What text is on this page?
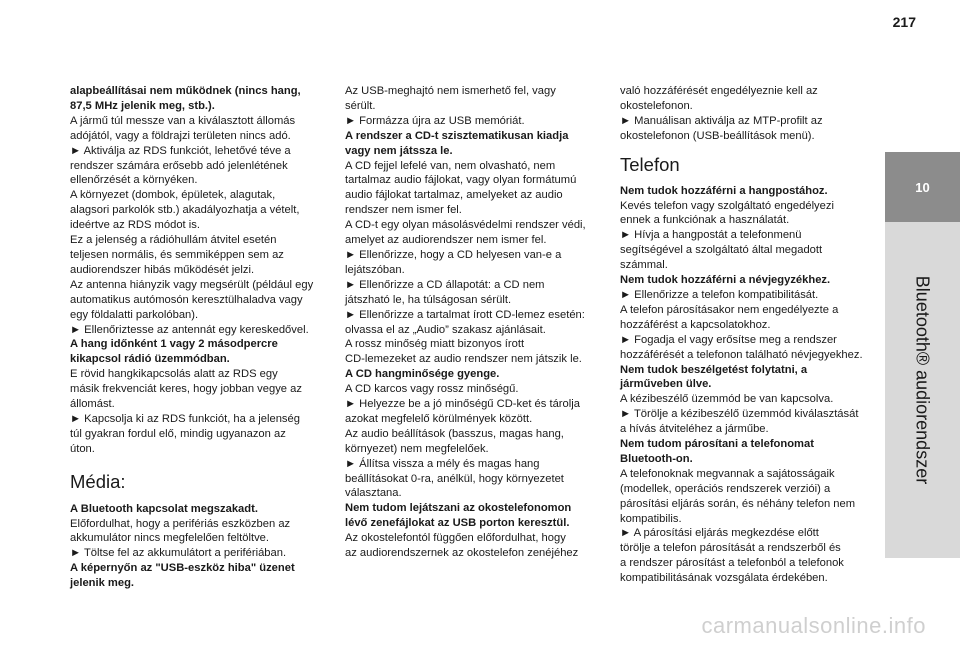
217
10
Bluetooth® audiorendszer

alapbeállításai nem működnek (nincs hang,

87,5 MHz jelenik meg, stb.).

A jármű túl messze van a kiválasztott állomás

adójától, vagy a földrajzi területen nincs adó.

► Aktiválja az RDS funkciót, lehetővé téve a

rendszer számára erősebb adó jelenlétének

ellenőrzését a környéken.

A környezet (dombok, épületek, alagutak,

alagsori parkolók stb.) akadályozhatja a vételt,

ideértve az RDS módot is.

Ez a jelenség a rádióhullám átvitel esetén

teljesen normális, és semmiképpen sem az

audiorendszer hibás működését jelzi.

Az antenna hiányzik vagy megsérült (például egy

automatikus autómosón keresztülhaladva vagy

egy földalatti parkolóban).

► Ellenőriztesse az antennát egy kereskedővel.

A hang időnként 1 vagy 2 másodpercre

kikapcsol rádió üzemmódban.

E rövid hangkikapcsolás alatt az RDS egy

másik frekvenciát keres, hogy jobban vegye az

állomást.

► Kapcsolja ki az RDS funkciót, ha a jelenség

túl gyakran fordul elő, mindig ugyanazon az

úton.

Média:

A Bluetooth kapcsolat megszakadt.

Előfordulhat, hogy a perifériás eszközben az

akkumulátor nincs megfelelően feltöltve.

► Töltse fel az akkumulátort a perifériában.

A képernyőn az "USB-eszköz hiba" üzenet

jelenik meg.

Az USB-meghajtó nem ismerhető fel, vagy

sérült.

► Formázza újra az USB memóriát.

A rendszer a CD-t szisztematikusan kiadja

vagy nem játssza le.

A CD fejjel lefelé van, nem olvasható, nem

tartalmaz audio fájlokat, vagy olyan formátumú

audio fájlokat tartalmaz, amelyeket az audio

rendszer nem ismer fel.

A CD-t egy olyan másolásvédelmi rendszer védi,

amelyet az audiorendszer nem ismer fel.

► Ellenőrizze, hogy a CD helyesen van-e a

lejátszóban.

► Ellenőrizze a CD állapotát: a CD nem

játszható le, ha túlságosan sérült.

► Ellenőrizze a tartalmat írott CD-lemez esetén:

olvassa el az „Audio” szakasz ajánlásait.

A rossz minőség miatt bizonyos írott

CD-lemezeket az audio rendszer nem játszik le.

A CD hangminősége gyenge.

A CD karcos vagy rossz minőségű.

► Helyezze be a jó minőségű CD-ket és tárolja

azokat megfelelő körülmények között.

Az audio beállítások (basszus, magas hang,

környezet) nem megfelelőek.

► Állítsa vissza a mély és magas hang

beállításokat 0-ra, anélkül, hogy környezetet

választana.

Nem tudom lejátszani az okostelefonomon

lévő zenefájlokat az USB porton keresztül.

Az okostelefontól függően előfordulhat, hogy

az audiorendszernek az okostelefon zenéjéhez

való hozzáférését engedélyeznie kell az

okostelefonon.

► Manuálisan aktiválja az MTP-profilt az

okostelefonon (USB-beállítások menü).

Telefon

Nem tudok hozzáférni a hangpostához.

Kevés telefon vagy szolgáltató engedélyezi

ennek a funkciónak a használatát.

► Hívja a hangpostát a telefonmenü

segítségével a szolgáltató által megadott

számmal.

Nem tudok hozzáférni a névjegyzékhez.

► Ellenőrizze a telefon kompatibilitását.

A telefon párosításakor nem engedélyezte a

hozzáférést a kapcsolatokhoz.

► Fogadja el vagy erősítse meg a rendszer

hozzáférését a telefonon található névjegyekhez.

Nem tudok beszélgetést folytatni, a

járműveben ülve.

A kézibeszélő üzemmód be van kapcsolva.

► Törölje a kézibeszélő üzemmód kiválasztását

a hívás átviteléhez a járműbe.

Nem tudom párosítani a telefonomat

Bluetooth-on.

A telefonoknak megvannak a sajátosságaik

(modellek, operációs rendszerek verziói) a

párosítási eljárás során, és néhány telefon nem

kompatibilis.

► A párosítási eljárás megkezdése előtt

törölje a telefon párosítását a rendszerből és

a rendszer párosítást a telefonból a telefonok

kompatibilitásának vozsgálata érdekében.

carmanualsonline.info
